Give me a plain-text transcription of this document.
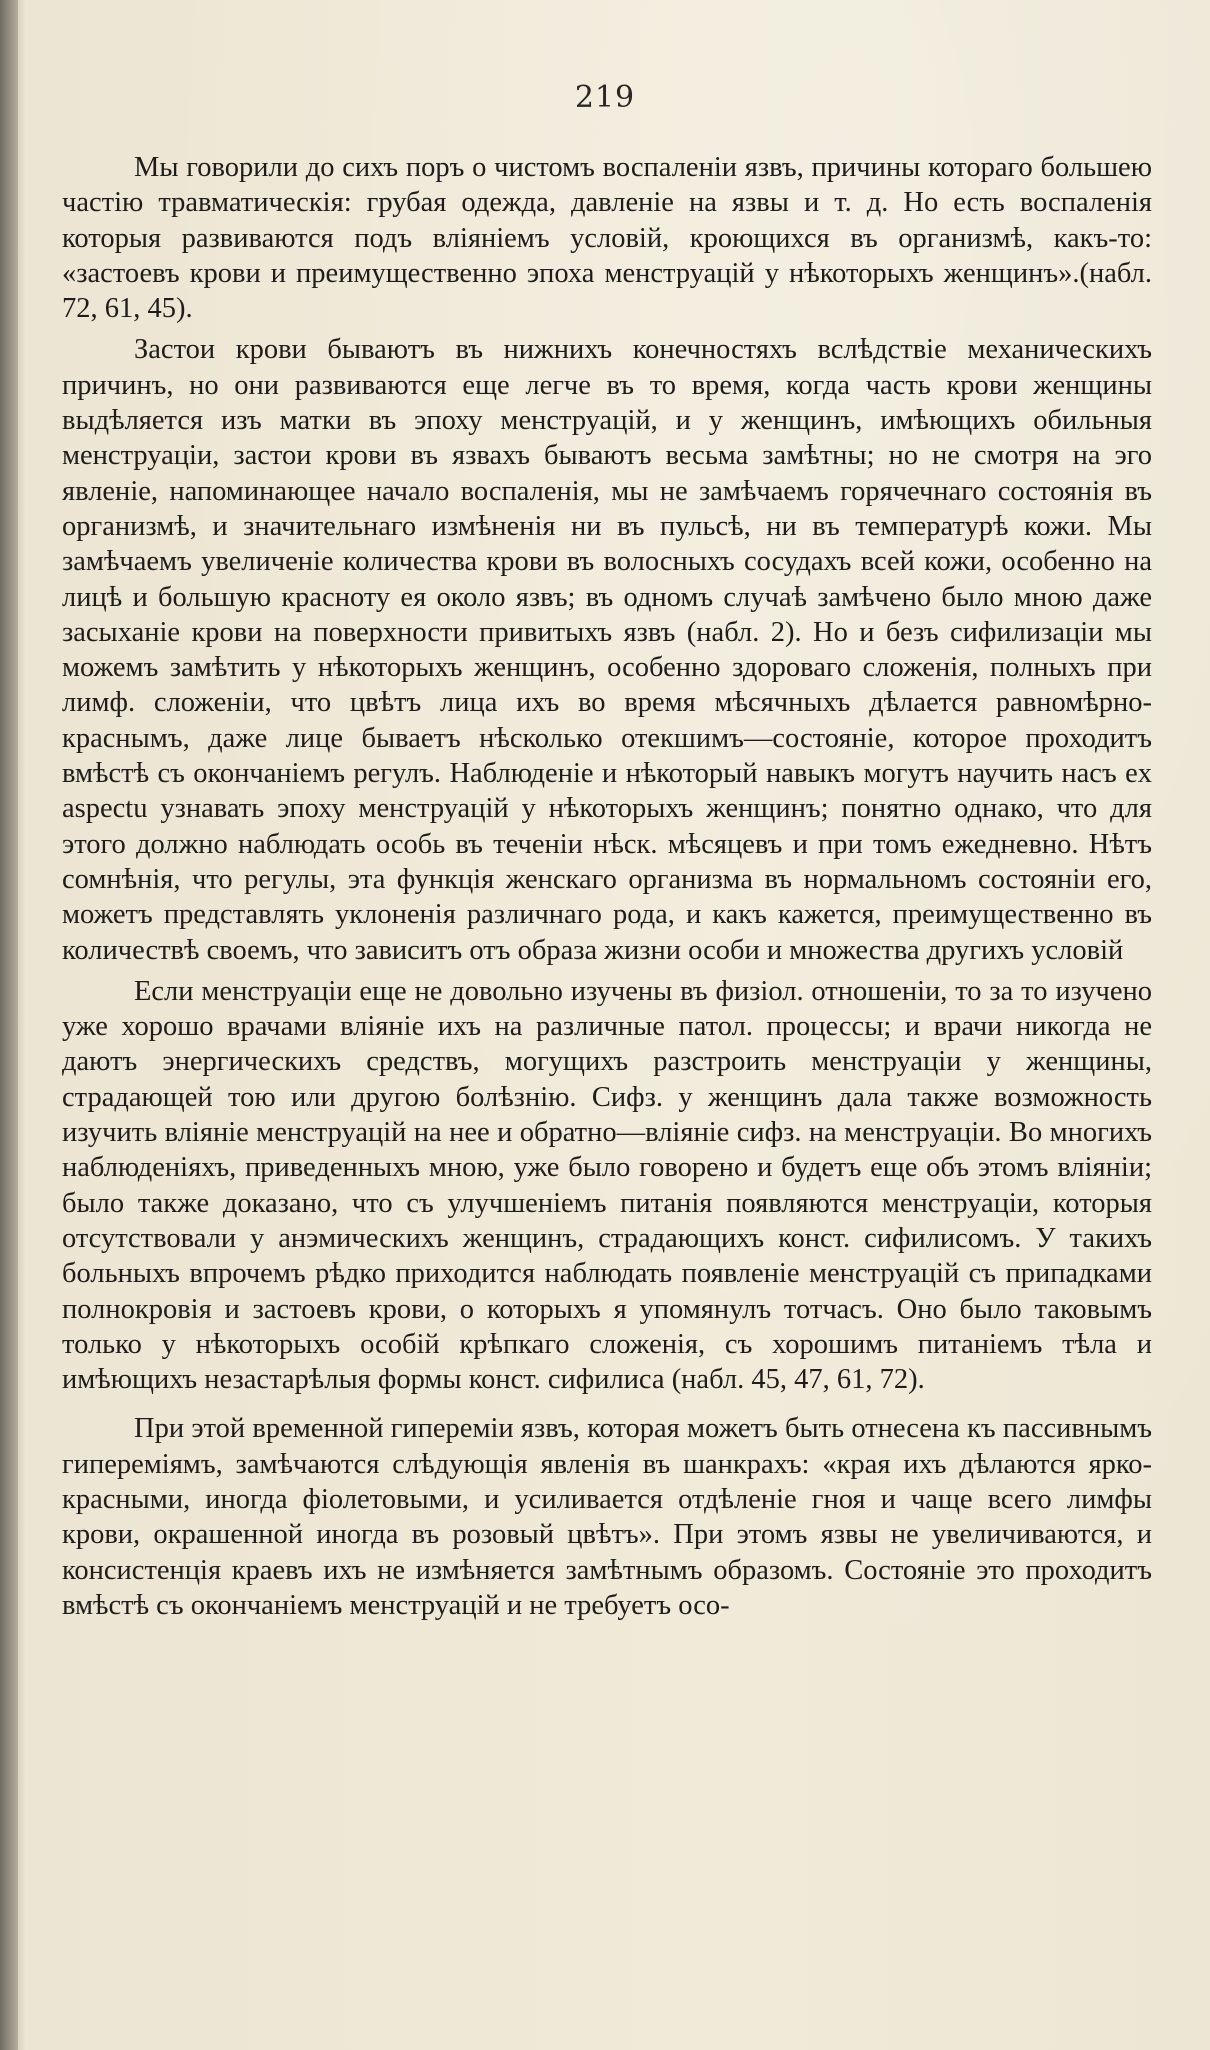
219

Мы говорили до сихъ поръ о чистомъ воспаленіи язвъ, причины котораго большею частію травматическія: грубая одежда, давленіе на язвы и т. д. Но есть воспаленія которыя развиваются подъ вліяніемъ условій, кроющихся въ организмѣ, какъ-то: «застоевъ крови и преимущественно эпоха менструацій у нѣкоторыхъ женщинъ».(набл. 72, 61, 45).

Застои крови бываютъ въ нижнихъ конечностяхъ вслѣдствіе механическихъ причинъ, но они развиваются еще легче въ то время, когда часть крови женщины выдѣляется изъ матки въ эпоху менструацій, и у женщинъ, имѣющихъ обильныя менструаціи, застои крови въ язвахъ бываютъ весьма замѣтны; но не смотря на эго явленіе, напоминающее начало воспаленія, мы не замѣчаемъ горячечнаго состоянія въ организмѣ, и значительнаго измѣненія ни въ пульсѣ, ни въ температурѣ кожи. Мы замѣчаемъ увеличеніе количества крови въ волосныхъ сосудахъ всей кожи, особенно на лицѣ и большую красноту ея около язвъ; въ одномъ случаѣ замѣчено было мною даже засыханіе крови на поверхности привитыхъ язвъ (набл. 2). Но и безъ сифилизаціи мы можемъ замѣтить у нѣкоторыхъ женщинъ, особенно здороваго сложенія, полныхъ при лимф. сложеніи, что цвѣтъ лица ихъ во время мѣсячныхъ дѣлается равномѣрно-краснымъ, даже лице бываетъ нѣсколько отекшимъ—состояніе, которое проходитъ вмѣстѣ съ окончаніемъ регулъ. Наблюденіе и нѣкоторый навыкъ могутъ научить насъ ex aspectu узнавать эпоху менструацій у нѣкоторыхъ женщинъ; понятно однако, что для этого должно наблюдать особь въ теченіи нѣск. мѣсяцевъ и при томъ ежедневно. Нѣтъ сомнѣнія, что регулы, эта функція женскаго организма въ нормальномъ состояніи его, можетъ представлять уклоненія различнаго рода, и какъ кажется, преимущественно въ количествѣ своемъ, что зависитъ отъ образа жизни особи и множества другихъ условій

Если менструаціи еще не довольно изучены въ физіол. отношеніи, то за то изучено уже хорошо врачами вліяніе ихъ на различные патол. процессы; и врачи никогда не даютъ энергическихъ средствъ, могущихъ разстроить менструаціи у женщины, страдающей тою или другою болѣзнію. Сифз. у женщинъ дала также возможность изучить вліяніе менструацій на нее и обратно—вліяніе сифз. на менструаціи. Во многихъ наблюденіяхъ, приведенныхъ мною, уже было говорено и будетъ еще объ этомъ вліяніи; было также доказано, что съ улучшеніемъ питанія появляются менструаціи, которыя отсутствовали у анэмическихъ женщинъ, страдающихъ конст. сифилисомъ. У такихъ больныхъ впрочемъ рѣдко приходится наблюдать появленіе менструацій съ припадками полнокровія и застоевъ крови, о которыхъ я упомянулъ тотчасъ. Оно было таковымъ только у нѣкоторыхъ особій крѣпкаго сложенія, съ хорошимъ питаніемъ тѣла и имѣющихъ незастарѣлыя формы конст. сифилиса (набл. 45, 47, 61, 72).

При этой временной гипереміи язвъ, которая можетъ быть отнесена къ пассивнымъ гипереміямъ, замѣчаются слѣдующія явленія въ шанкрахъ: «края ихъ дѣлаются ярко-красными, иногда фіолетовыми, и усиливается отдѣленіе гноя и чаще всего лимфы крови, окрашенной иногда въ розовый цвѣтъ». При этомъ язвы не увеличиваются, и консистенція краевъ ихъ не измѣняется замѣтнымъ образомъ. Состояніе это проходитъ вмѣстѣ съ окончаніемъ менструацій и не требуетъ осо-
